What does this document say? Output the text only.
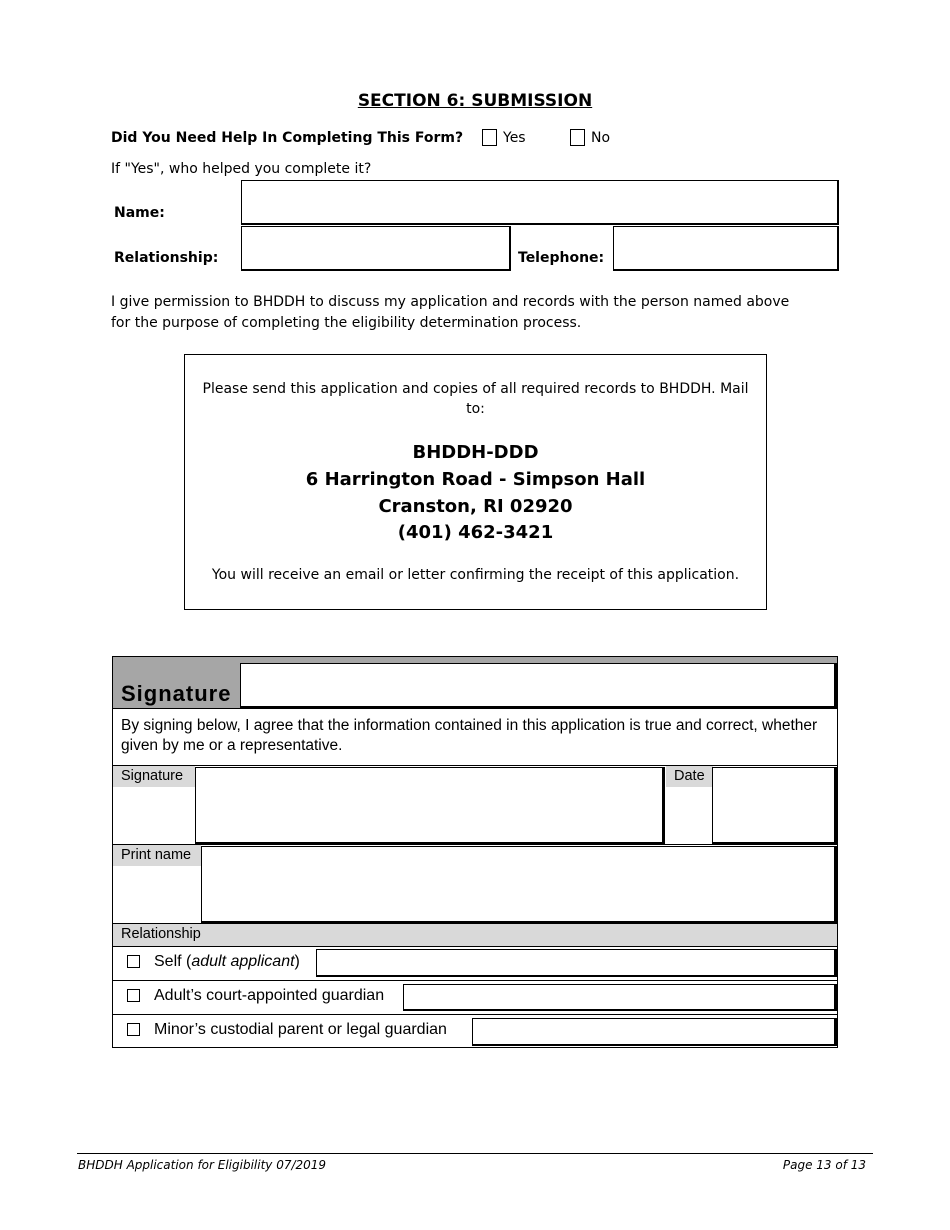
SECTION 6: SUBMISSION
Did You Need Help In Completing This Form?	Yes	No
If "Yes", who helped you complete it?
Name:
Relationship:	Telephone:
I give permission to BHDDH to discuss my application and records with the person named above for the purpose of completing the eligibility determination process.
Please send this application and copies of all required records to BHDDH. Mail to:
BHDDH-DDD
6 Harrington Road - Simpson Hall
Cranston, RI 02920
(401) 462-3421
You will receive an email or letter confirming the receipt of this application.
Signature
By signing below, I agree that the information contained in this application is true and correct, whether given by me or a representative.
Signature	Date
Print name
Relationship
Self (adult applicant)
Adult’s court-appointed guardian
Minor’s custodial parent or legal guardian
BHDDH Application for Eligibility 07/2019	Page 13 of 13
